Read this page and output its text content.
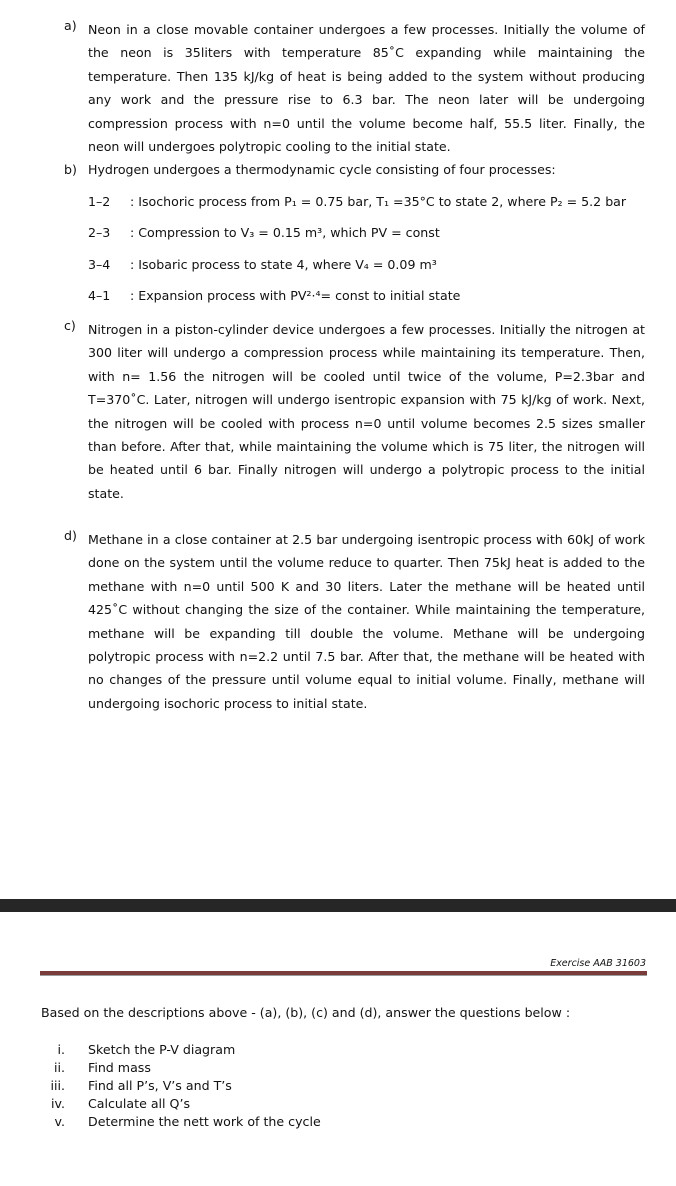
a) Neon in a close movable container undergoes a few processes. Initially the volume of the neon is 35liters with temperature 85˚C expanding while maintaining the temperature. Then 135 kJ/kg of heat is being added to the system without producing any work and the pressure rise to 6.3 bar. The neon later will be undergoing compression process with n=0 until the volume become half, 55.5 liter. Finally, the neon will undergoes polytropic cooling to the initial state.

b) Hydrogen undergoes a thermodynamic cycle consisting of four processes:
1–2 : Isochoric process from P₁ = 0.75 bar, T₁ =35°C to state 2, where P₂ = 5.2 bar
2–3 : Compression to V₃ = 0.15 m³, which PV = const
3–4 : Isobaric process to state 4, where V₄ = 0.09 m³
4–1 : Expansion process with PV²·⁴= const to initial state
c) Nitrogen in a piston-cylinder device undergoes a few processes. Initially the nitrogen at 300 liter will undergo a compression process while maintaining its temperature. Then, with n= 1.56 the nitrogen will be cooled until twice of the volume, P=2.3bar and T=370˚C. Later, nitrogen will undergo isentropic expansion with 75 kJ/kg of work. Next, the nitrogen will be cooled with process n=0 until volume becomes 2.5 sizes smaller than before. After that, while maintaining the volume which is 75 liter, the nitrogen will be heated until 6 bar. Finally nitrogen will undergo a polytropic process to the initial state.

d) Methane in a close container at 2.5 bar undergoing isentropic process with 60kJ of work done on the system until the volume reduce to quarter. Then 75kJ heat is added to the methane with n=0 until 500 K and 30 liters. Later the methane will be heated until 425˚C without changing the size of the container. While maintaining the temperature, methane will be expanding till double the volume. Methane will be undergoing polytropic process with n=2.2 until 7.5 bar. After that, the methane will be heated with no changes of the pressure until volume equal to initial volume. Finally, methane will undergoing isochoric process to initial state.

Exercise AAB 31603
Based on the descriptions above - (a), (b), (c) and (d), answer the questions below :
i. Sketch the P-V diagram
ii. Find mass
iii. Find all P’s, V’s and T’s
iv. Calculate all Q’s
v. Determine the nett work of the cycle
